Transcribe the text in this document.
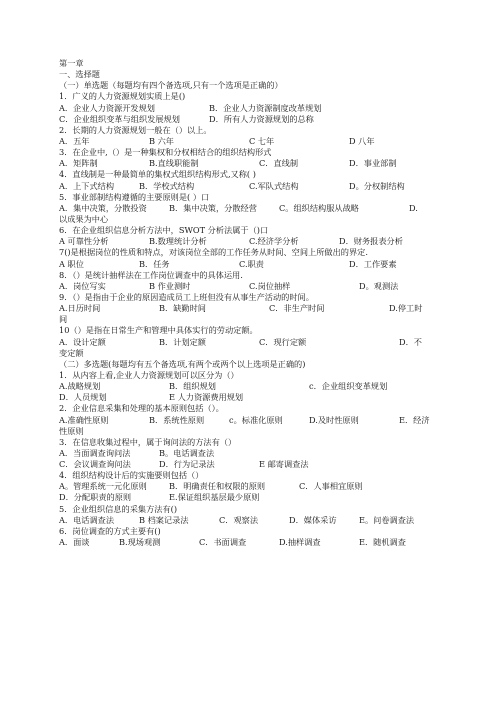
第一章
一、选择题
（一）单选题（每题均有四个备选项,只有一个选项是正确的）
1．广义的人力资源规划实质上是()
A．企业人力资源开发规划	B．企业人力资源制度改革规划
C．企业组织变革与组织发展规划	D．所有人力资源规划的总称
2．长期的人力资源规划一般在（）以上。
A．五年	B 六年	C 七年	D 八年
3．在企业中,（）是一种集权和分权相结合的组织结构形式
A．矩阵制	B.直线职能制	C．直线制	D．事业部制
4．直线制是一种最简单的集权式组织结构形式,又称( )
A．上下式结构	B．学校式结构	C.军队式结构	D。分权制结构
5．事业部制结构遵循的主要原则是( ）口
A．集中决策，分散投资	B．集中决策，分散经营	C。组织结构服从战略	D.
以成果为中心
6．在企业组织信息分析方法中，SWOT 分析法属于（)口
A 可靠性分析	B.数理统计分析	C.经济学分析	D．财务报表分析
7()是根据岗位的性质和特点，对该岗位全部的工作任务从时间、空间上所做出的界定.
A 职位	B．任务	C.职责	D．工作要素
8．（）是统计抽样法在工作岗位调查中的具体运用.
A．岗位写实	B 作业测时	C.岗位抽样	D。观测法
9．（）是指由于企业的原因造成员工上班但没有从事生产活动的时间。
A.日历时间	B．缺勤时间	C．非生产时间	D.停工时
间
10（）是指在日常生产和管理中具体实行的劳动定额。
A．设计定额	B．计划定额	C．现行定额	D．不
变定额
（二）多选题(每题均有五个备选项,有两个或两个以上选项是正确的)
1．从内容上看,企业人力资源规划可以区分为（）
A.战略规划	B．组织规划	c．企业组织变革规划
D．人员规划	E 人力资源费用规划
2．企业信息采集和处理的基本原则包括（）。
A.准确性原则	B．系统性原则	c。标准化原则	D.及时性原则	E．经济
性原则
3．在信息收集过程中，属于询问法的方法有（）
A．当面调查询问法	B。电话调查法
C．会议调查询问法	D．行为记录法	E 邮寄调查法
4．组织结构设计后的实施要则包括（）
A。管理系统一元化原则	B．明确责任和权限的原则	C．人事相宜原则
D．分配职责的原则	E.保证组织基层最少原则
5．企业组织信息的采集方法有()
A．电话调查法	B 档案记录法	C．观察法	D．媒体采访	E。问卷调查法
6．岗位调查的方式主要有()
A．面谈	B.现场观测	C．书面调查	D.抽样调查	E．随机调查
